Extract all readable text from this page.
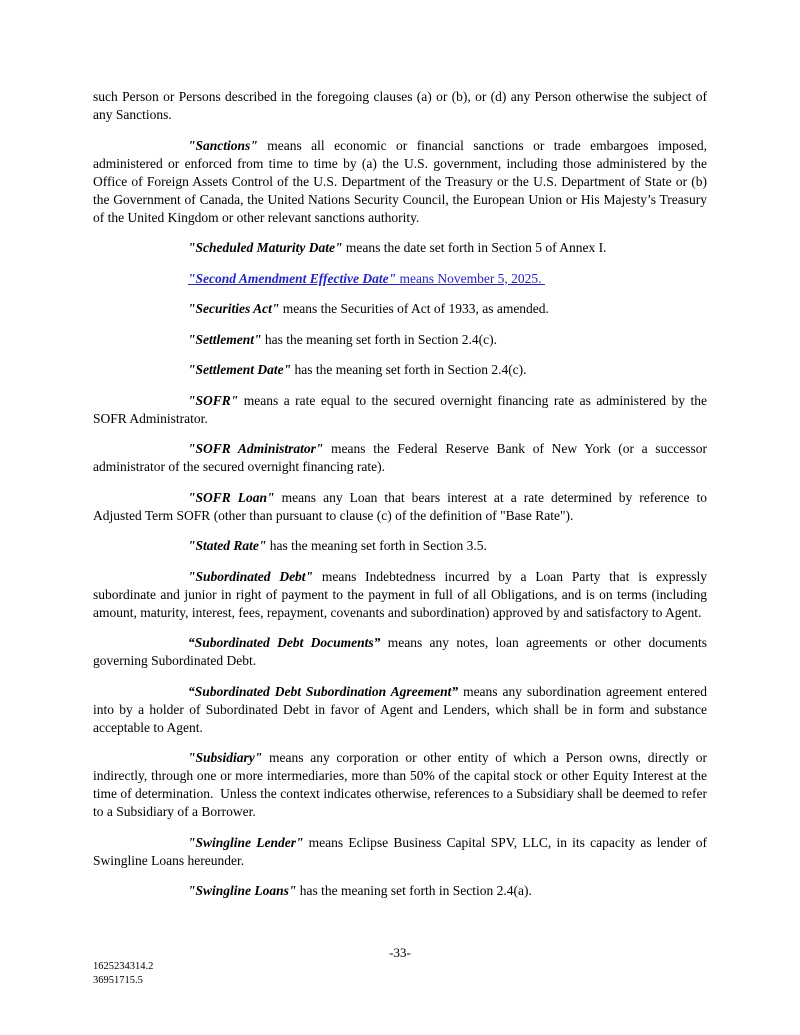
such Person or Persons described in the foregoing clauses (a) or (b), or (d) any Person otherwise the subject of any Sanctions.

"Sanctions" means all economic or financial sanctions or trade embargoes imposed, administered or enforced from time to time by (a) the U.S. government, including those administered by the Office of Foreign Assets Control of the U.S. Department of the Treasury or the U.S. Department of State or (b) the Government of Canada, the United Nations Security Council, the European Union or His Majesty’s Treasury of the United Kingdom or other relevant sanctions authority.

"Scheduled Maturity Date" means the date set forth in Section 5 of Annex I.

"Second Amendment Effective Date" means November 5, 2025.

"Securities Act" means the Securities of Act of 1933, as amended.

"Settlement" has the meaning set forth in Section 2.4(c).

"Settlement Date" has the meaning set forth in Section 2.4(c).

"SOFR" means a rate equal to the secured overnight financing rate as administered by the SOFR Administrator.

"SOFR Administrator" means the Federal Reserve Bank of New York (or a successor administrator of the secured overnight financing rate).

"SOFR Loan" means any Loan that bears interest at a rate determined by reference to Adjusted Term SOFR (other than pursuant to clause (c) of the definition of "Base Rate").

"Stated Rate" has the meaning set forth in Section 3.5.

"Subordinated Debt" means Indebtedness incurred by a Loan Party that is expressly subordinate and junior in right of payment to the payment in full of all Obligations, and is on terms (including amount, maturity, interest, fees, repayment, covenants and subordination) approved by and satisfactory to Agent.

“Subordinated Debt Documents” means any notes, loan agreements or other documents governing Subordinated Debt.

“Subordinated Debt Subordination Agreement” means any subordination agreement entered into by a holder of Subordinated Debt in favor of Agent and Lenders, which shall be in form and substance acceptable to Agent.

"Subsidiary" means any corporation or other entity of which a Person owns, directly or indirectly, through one or more intermediaries, more than 50% of the capital stock or other Equity Interest at the time of determination.  Unless the context indicates otherwise, references to a Subsidiary shall be deemed to refer to a Subsidiary of a Borrower.

"Swingline Lender" means Eclipse Business Capital SPV, LLC, in its capacity as lender of Swingline Loans hereunder.

"Swingline Loans" has the meaning set forth in Section 2.4(a).

-33-
1625234314.2
36951715.5
